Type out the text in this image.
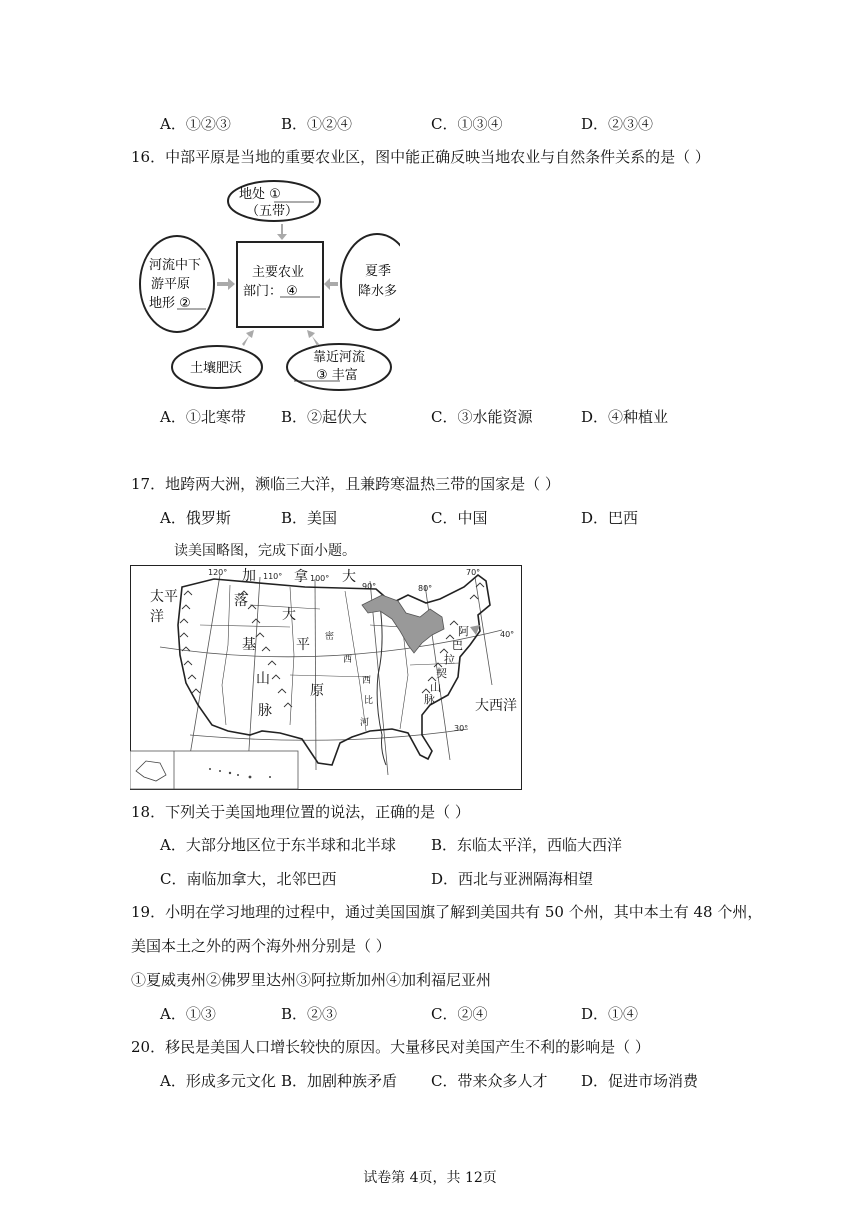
A．①②③	B．①②④	C．①③④	D．②③④
16．中部平原是当地的重要农业区，图中能正确反映当地农业与自然条件关系的是（ ）
地处 ①
（五带）
主要农业
部门： ④
河流中下
游平原
地形 ②
夏季
降水多
土壤肥沃
靠近河流
③ 丰富
A．①北寒带 B．②起伏大	C．③水能资源	D．④种植业
17．地跨两大洲，濒临三大洋，且兼跨寒温热三带的国家是（ ）
A．俄罗斯	B．美国	C．中国	D．巴西
读美国略图，完成下面小题。
120°	110°	100°
90°	80°
70°
40°
30°
加	拿 大
太平
洋
落
基
山
脉
大
平
原
大西洋
密
西
西
比
河
阿
巴
拉
契
山
脉
18．下列关于美国地理位置的说法，正确的是（ ）
A．大部分地区位于东半球和北半球 B．东临太平洋，西临大西洋
C．南临加拿大，北邻巴西	D．西北与亚洲隔海相望
19．小明在学习地理的过程中，通过美国国旗了解到美国共有 50 个州，其中本土有 48 个州，
美国本土之外的两个海外州分别是（ ）
①夏威夷州②佛罗里达州③阿拉斯加州④加利福尼亚州
A．①③	B．②③	C．②④	D．①④
20．移民是美国人口增长较快的原因。大量移民对美国产生不利的影响是（ ）
A．形成多元文化 B．加剧种族矛盾 C．带来众多人才 D．促进市场消费
试卷第 4页，共 12页
